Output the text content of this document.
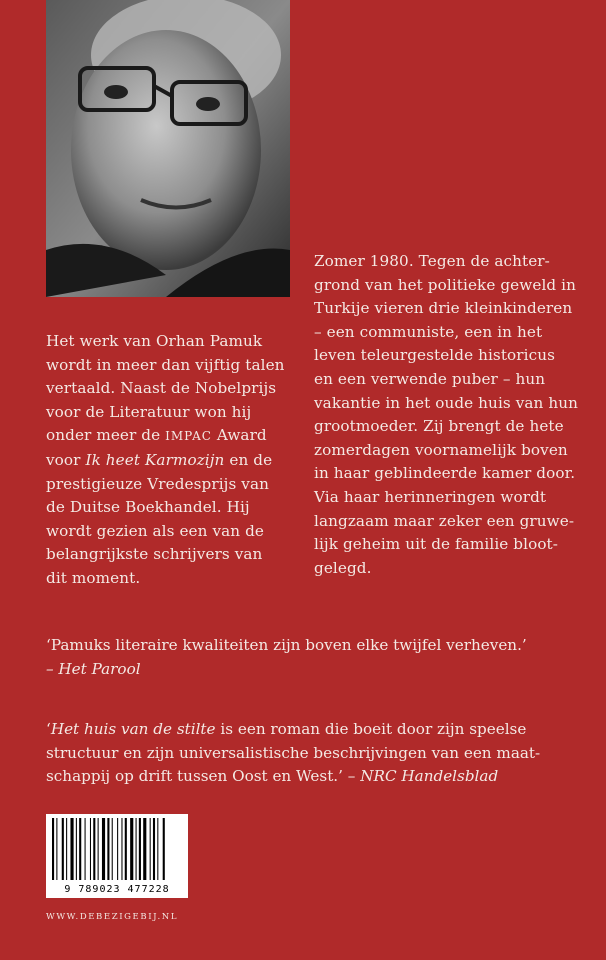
Het werk van Orhan Pamuk
wordt in meer dan vijftig talen
vertaald. Naast de Nobelprijs
voor de Literatuur won hij
onder meer de IMPAC Award
voor Ik heet Karmozijn en de
prestigieuze Vredesprijs van
de Duitse Boekhandel. Hij
wordt gezien als een van de
belangrijkste schrijvers van
dit moment.
Zomer 1980. Tegen de achter-
grond van het politieke geweld in
Turkije vieren drie kleinkinderen
– een communiste, een in het
leven teleurgestelde historicus
en een verwende puber – hun
vakantie in het oude huis van hun
grootmoeder. Zij brengt de hete
zomerdagen voornamelijk boven
in haar geblindeerde kamer door.
Via haar herinneringen wordt
langzaam maar zeker een gruwe-
lijk geheim uit de familie bloot-
gelegd.
‘Pamuks literaire kwaliteiten zijn boven elke twijfel verheven.’
– Het Parool
‘Het huis van de stilte is een roman die boeit door zijn speelse structuur en zijn universalistische beschrijvingen van een maat-schappij op drift tussen Oost en West.’ – NRC Handelsblad
9 789023 477228
WWW.DEBEZIGEBIJ.NL
